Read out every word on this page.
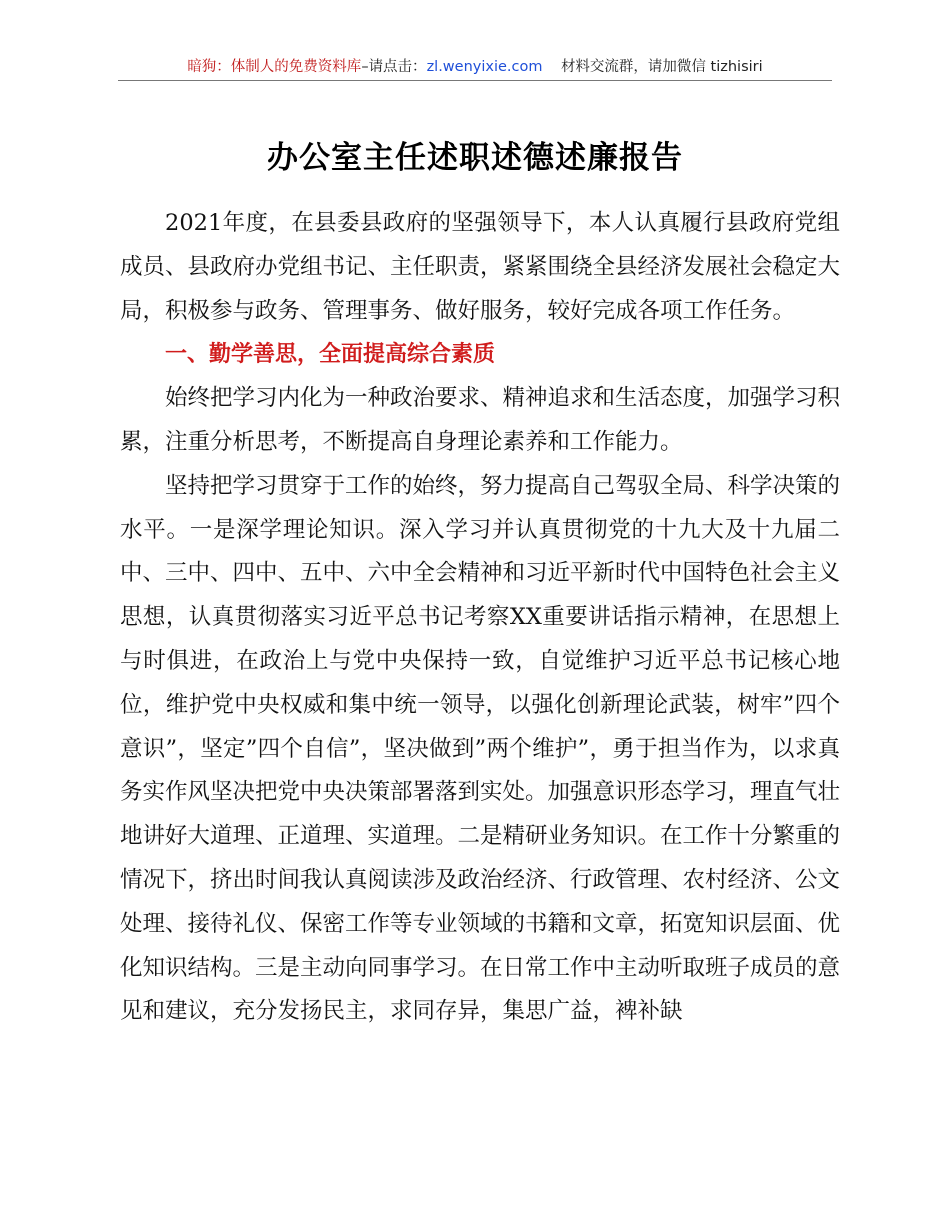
暗狗：体制人的免费资料库–请点击：zl.wenyixie.com 材料交流群，请加微信 tizhisiri
办公室主任述职述德述廉报告

2021年度，在县委县政府的坚强领导下，本人认真履行县政府党组成员、县政府办党组书记、主任职责，紧紧围绕全县经济发展社会稳定大局，积极参与政务、管理事务、做好服务，较好完成各项工作任务。

一、勤学善思，全面提高综合素质

始终把学习内化为一种政治要求、精神追求和生活态度，加强学习积累，注重分析思考，不断提高自身理论素养和工作能力。

坚持把学习贯穿于工作的始终，努力提高自己驾驭全局、科学决策的水平。一是深学理论知识。深入学习并认真贯彻党的十九大及十九届二中、三中、四中、五中、六中全会精神和习近平新时代中国特色社会主义思想，认真贯彻落实习近平总书记考察XX重要讲话指示精神，在思想上与时俱进，在政治上与党中央保持一致，自觉维护习近平总书记核心地位，维护党中央权威和集中统一领导，以强化创新理论武装，树牢”四个意识”，坚定”四个自信”，坚决做到”两个维护”，勇于担当作为，以求真务实作风坚决把党中央决策部署落到实处。加强意识形态学习，理直气壮地讲好大道理、正道理、实道理。二是精研业务知识。在工作十分繁重的情况下，挤出时间我认真阅读涉及政治经济、行政管理、农村经济、公文处理、接待礼仪、保密工作等专业领域的书籍和文章，拓宽知识层面、优化知识结构。三是主动向同事学习。在日常工作中主动听取班子成员的意见和建议，充分发扬民主，求同存异，集思广益，裨补缺
